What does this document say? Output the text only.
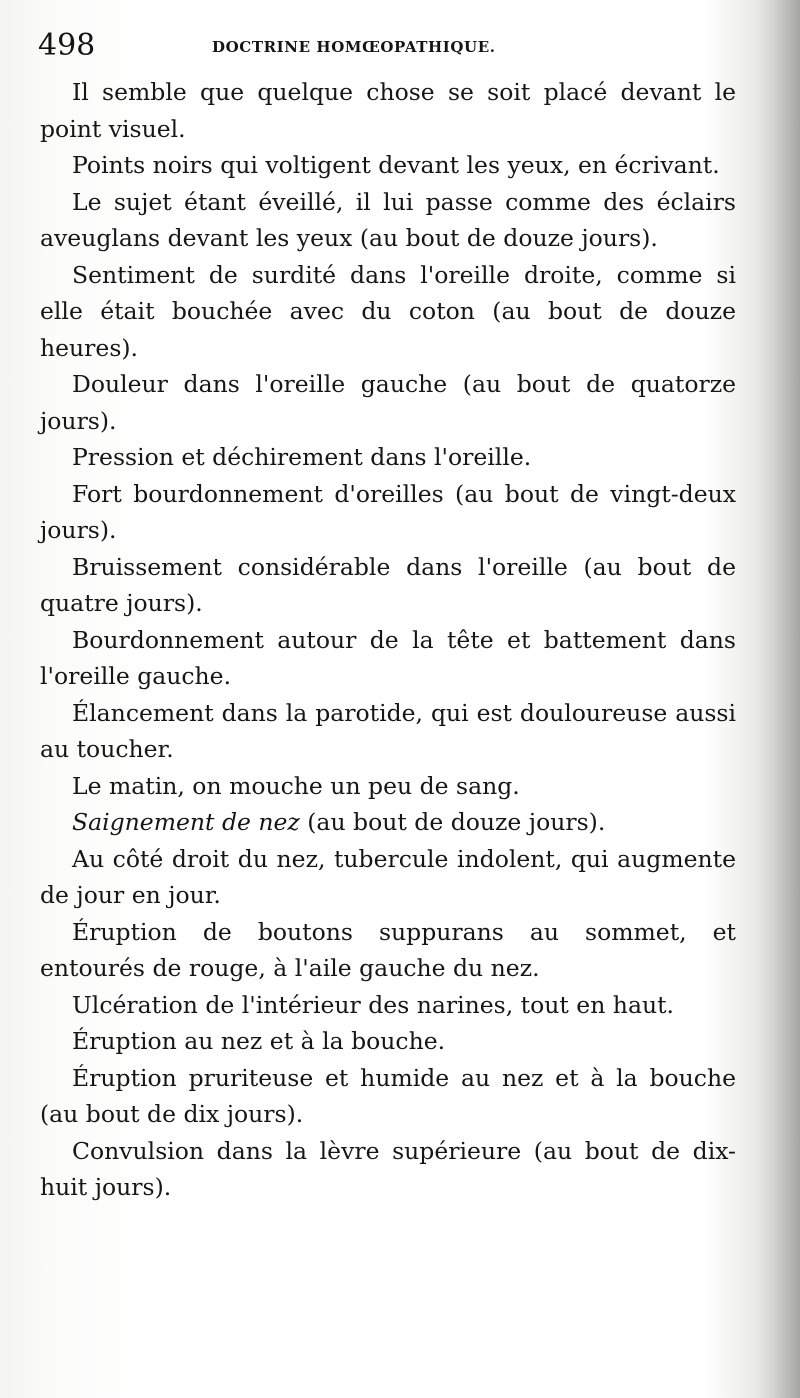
498	DOCTRINE HOMŒOPATHIQUE.

Il semble que quelque chose se soit placé devant le point visuel.

Points noirs qui voltigent devant les yeux, en écrivant.

Le sujet étant éveillé, il lui passe comme des éclairs aveuglans devant les yeux (au bout de douze jours).

Sentiment de surdité dans l'oreille droite, comme si elle était bouchée avec du coton (au bout de douze heures).

Douleur dans l'oreille gauche (au bout de quatorze jours).

Pression et déchirement dans l'oreille.

Fort bourdonnement d'oreilles (au bout de vingt-deux jours).

Bruissement considérable dans l'oreille (au bout de quatre jours).

Bourdonnement autour de la tête et battement dans l'oreille gauche.

Élancement dans la parotide, qui est douloureuse aussi au toucher.

Le matin, on mouche un peu de sang.

Saignement de nez (au bout de douze jours).

Au côté droit du nez, tubercule indolent, qui augmente de jour en jour.

Éruption de boutons suppurans au sommet, et entourés de rouge, à l'aile gauche du nez.

Ulcération de l'intérieur des narines, tout en haut.

Éruption au nez et à la bouche.

Éruption pruriteuse et humide au nez et à la bouche (au bout de dix jours).

Convulsion dans la lèvre supérieure (au bout de dix-huit jours).
